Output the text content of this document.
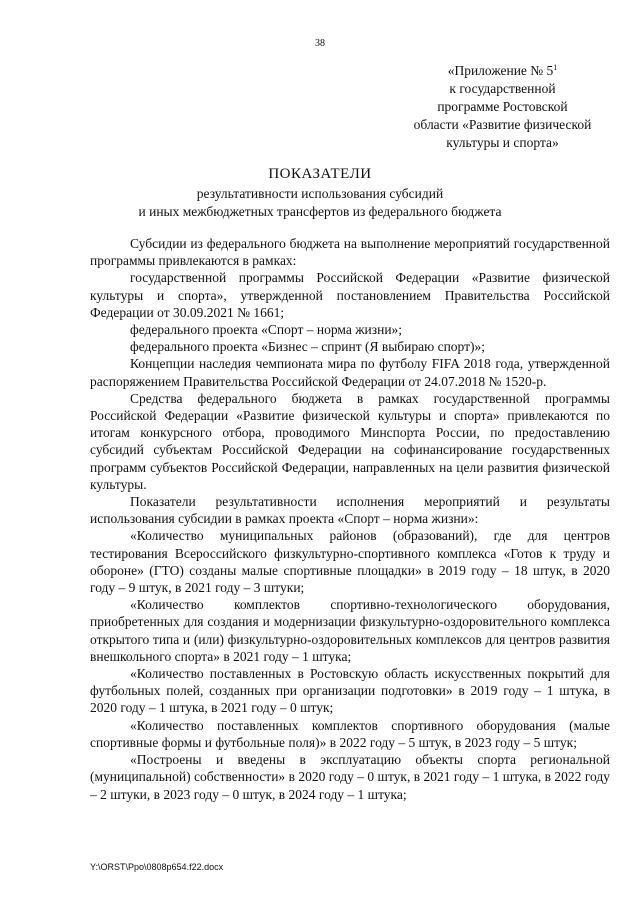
38
«Приложение № $5^1$
к государственной
программе Ростовской
области «Развитие физической
культуры и спорта»
ПОКАЗАТЕЛИ
результативности использования субсидий
и иных межбюджетных трансфертов из федерального бюджета

Субсидии из федерального бюджета на выполнение мероприятий государственной программы привлекаются в рамках:

государственной программы Российской Федерации «Развитие физической культуры и спорта», утвержденной постановлением Правительства Российской Федерации от 30.09.2021 № 1661;

федерального проекта «Спорт – норма жизни»;

федерального проекта «Бизнес – спринт (Я выбираю спорт)»;

Концепции наследия чемпионата мира по футболу FIFA 2018 года, утвержденной распоряжением Правительства Российской Федерации от 24.07.2018 № 1520-р.

Средства федерального бюджета в рамках государственной программы Российской Федерации «Развитие физической культуры и спорта» привлекаются по итогам конкурсного отбора, проводимого Минспорта России, по предоставлению субсидий субъектам Российской Федерации на софинансирование государственных программ субъектов Российской Федерации, направленных на цели развития физической культуры.

Показатели результативности исполнения мероприятий и результаты использования субсидии в рамках проекта «Спорт – норма жизни»:

«Количество муниципальных районов (образований), где для центров тестирования Всероссийского физкультурно-спортивного комплекса «Готов к труду и обороне» (ГТО) созданы малые спортивные площадки» в 2019 году – 18 штук, в 2020 году – 9 штук, в 2021 году – 3 штуки;

«Количество комплектов спортивно-технологического оборудования, приобретенных для создания и модернизации физкультурно-оздоровительного комплекса открытого типа и (или) физкультурно-оздоровительных комплексов для центров развития внешкольного спорта» в 2021 году – 1 штука;

«Количество поставленных в Ростовскую область искусственных покрытий для футбольных полей, созданных при организации подготовки» в 2019 году – 1 штука, в 2020 году – 1 штука, в 2021 году – 0 штук;

«Количество поставленных комплектов спортивного оборудования (малые спортивные формы и футбольные поля)» в 2022 году – 5 штук, в 2023 году – 5 штук;

«Построены и введены в эксплуатацию объекты спорта региональной (муниципальной) собственности» в 2020 году – 0 штук, в 2021 году – 1 штука, в 2022 году – 2 штуки, в 2023 году – 0 штук, в 2024 году – 1 штука;

Y:\ORST\Ppo\0808p654.f22.docx
